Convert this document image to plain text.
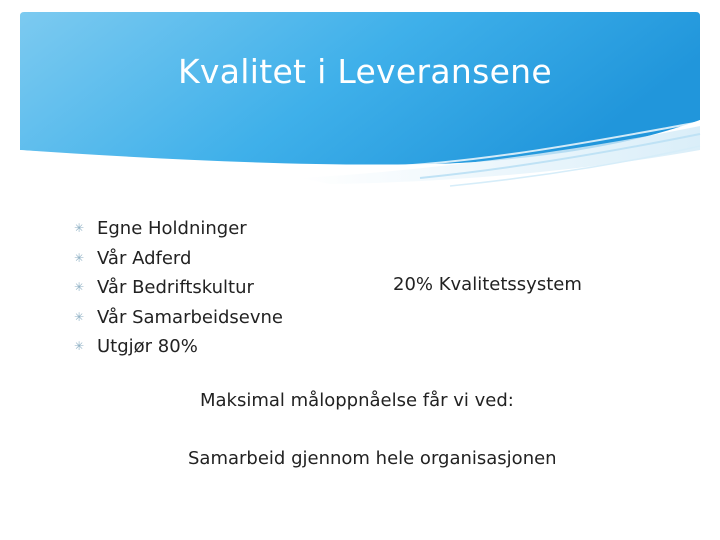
Kvalitet i Leveransene
✳ Egne Holdninger
✳ Vår Adferd
✳ Vår Bedriftskultur
✳ Vår Samarbeidsevne
✳ Utgjør 80%
20% Kvalitetssystem
Maksimal måloppnåelse får vi ved:
Samarbeid gjennom hele organisasjonen
